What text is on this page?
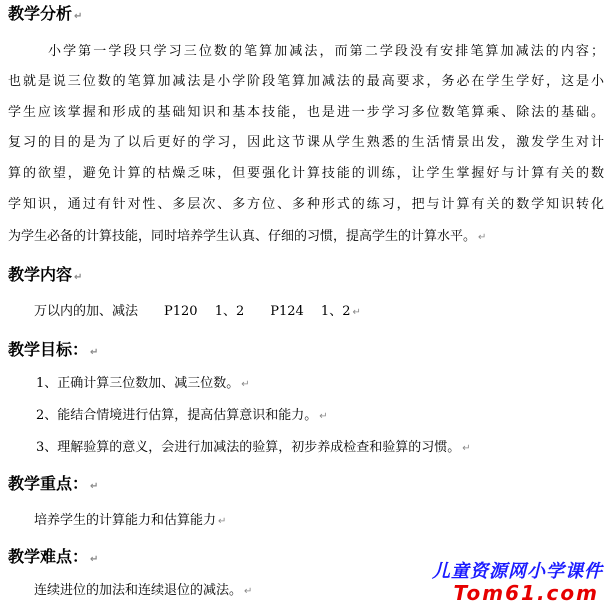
教学分析 ↵
小学第一学段只学习三位数的笔算加减法，而第二学段没有安排笔算加减法的内容；
也就是说三位数的笔算加减法是小学阶段笔算加减法的最高要求，务必在学生学好，这是小
学生应该掌握和形成的基础知识和基本技能，也是进一步学习多位数笔算乘、除法的基础。
复习的目的是为了以后更好的学习，因此这节课从学生熟悉的生活情景出发，激发学生对计
算的欲望，避免计算的枯燥乏味，但要强化计算技能的训练，让学生掌握好与计算有关的数
学知识，通过有针对性、多层次、多方位、多种形式的练习，把与计算有关的数学知识转化
为学生必备的计算技能，同时培养学生认真、仔细的习惯，提高学生的计算水平。 ↵
教学内容 ↵
万以内的加、减法　　P120　 1、2　　P124　 1、2 ↵
教学目标： ↵
1、正确计算三位数加、减三位数。 ↵
2、能结合情境进行估算，提高估算意识和能力。 ↵
3、理解验算的意义，会进行加减法的验算，初步养成检查和验算的习惯。 ↵
教学重点： ↵
培养学生的计算能力和估算能力 ↵
教学难点： ↵
连续进位的加法和连续退位的减法。 ↵
儿童资源网小学课件
Tom61.com
